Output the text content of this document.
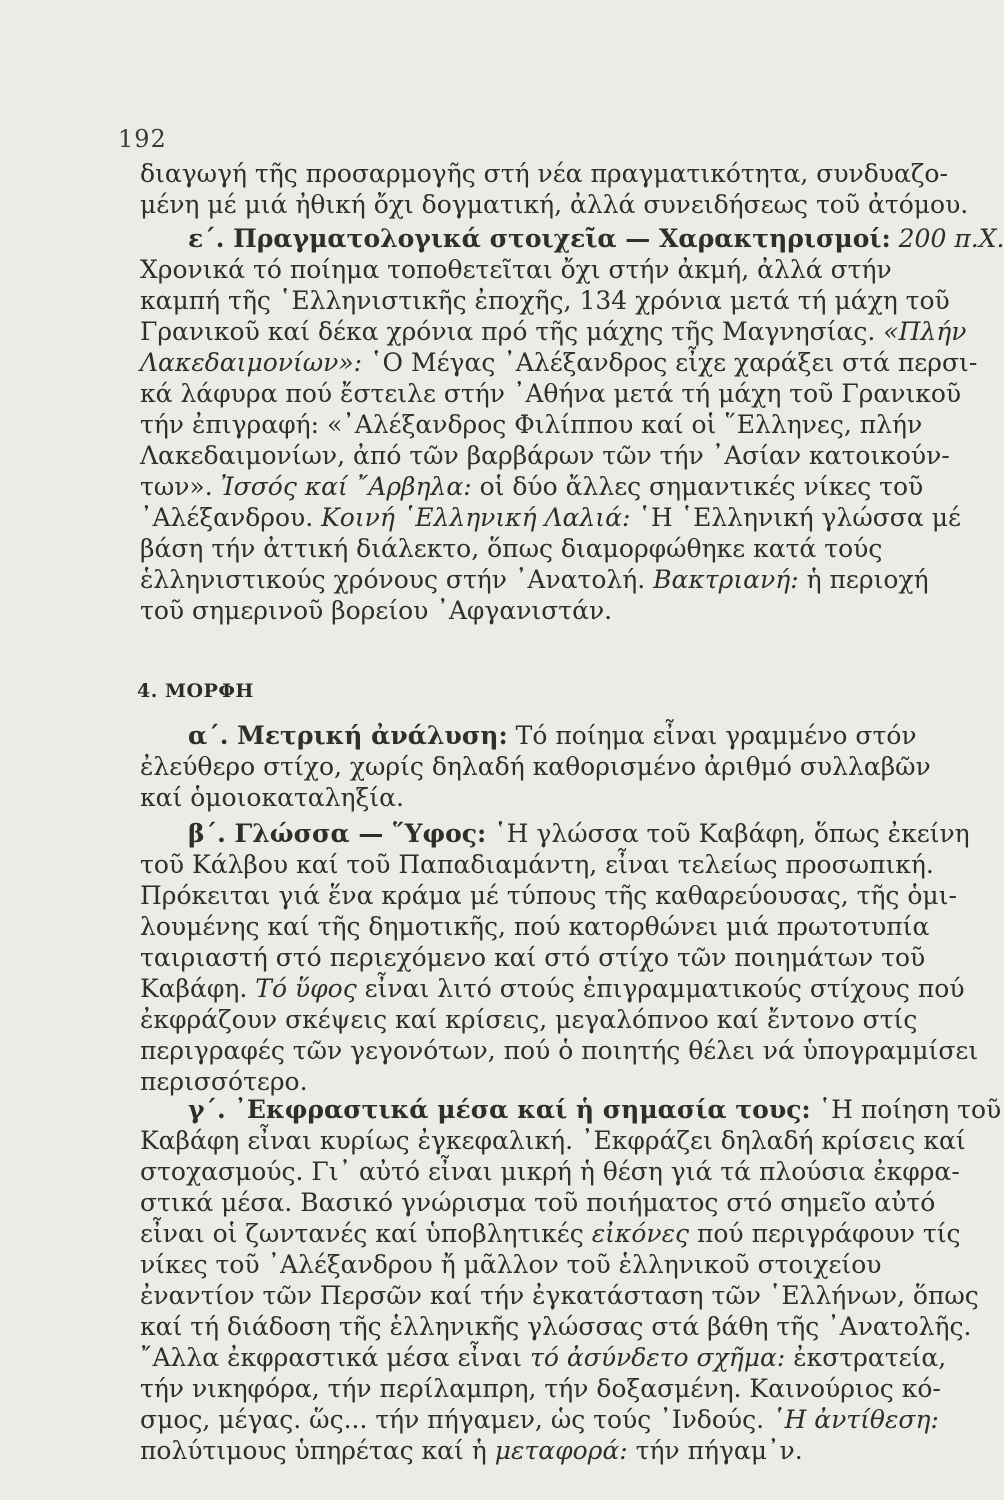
192
διαγωγή τῆς προσαρμογῆς στή νέα πραγματικότητα, συνδυαζο-
μένη μέ μιά ἠθική ὄχι δογματική, ἀλλά συνειδήσεως τοῦ ἀτόμου.
ε΄. Πραγματολογικά στοιχεῖα — Χαρακτηρισμοί: 200 π.Χ.
Χρονικά τό ποίημα τοποθετεῖται ὄχι στήν ἀκμή, ἀλλά στήν
καμπή τῆς ῾Ελληνιστικῆς ἐποχῆς, 134 χρόνια μετά τή μάχη τοῦ
Γρανικοῦ καί δέκα χρόνια πρό τῆς μάχης τῆς Μαγνησίας. «Πλήν
Λακεδαιμονίων»: ῾Ο Μέγας ᾿Αλέξανδρος εἶχε χαράξει στά περσι-
κά λάφυρα πού ἔστειλε στήν ᾿Αθήνα μετά τή μάχη τοῦ Γρανικοῦ
τήν ἐπιγραφή: «᾿Αλέξανδρος Φιλίππου καί οἱ ῞Ελληνες, πλήν
Λακεδαιμονίων, ἀπό τῶν βαρβάρων τῶν τήν ᾿Ασίαν κατοικούν-
των». Ἰσσός καί ῎Αρβηλα: οἱ δύο ἄλλες σημαντικές νίκες τοῦ
᾿Αλέξανδρου. Κοινή ῾Ελληνική Λαλιά: ῾Η ῾Ελληνική γλώσσα μέ
βάση τήν ἀττική διάλεκτο, ὅπως διαμορφώθηκε κατά τούς
ἑλληνιστικούς χρόνους στήν ᾿Ανατολή. Βακτριανή: ἡ περιοχή
τοῦ σημερινοῦ βορείου ᾿Αφγανιστάν.
4. ΜΟΡΦΗ
α΄. Μετρική ἀνάλυση: Τό ποίημα εἶναι γραμμένο στόν
ἐλεύθερο στίχο, χωρίς δηλαδή καθορισμένο ἀριθμό συλλαβῶν
καί ὁμοιοκαταληξία.
β΄. Γλώσσα — ῞Υφος: ῾Η γλώσσα τοῦ Καβάφη, ὅπως ἐκείνη
τοῦ Κάλβου καί τοῦ Παπαδιαμάντη, εἶναι τελείως προσωπική.
Πρόκειται γιά ἕνα κράμα μέ τύπους τῆς καθαρεύουσας, τῆς ὁμι-
λουμένης καί τῆς δημοτικῆς, πού κατορθώνει μιά πρωτοτυπία
ταιριαστή στό περιεχόμενο καί στό στίχο τῶν ποιημάτων τοῦ
Καβάφη. Τό ὕφος εἶναι λιτό στούς ἐπιγραμματικούς στίχους πού
ἐκφράζουν σκέψεις καί κρίσεις, μεγαλόπνοο καί ἔντονο στίς
περιγραφές τῶν γεγονότων, πού ὁ ποιητής θέλει νά ὑπογραμμίσει
περισσότερο.
γ΄. ᾿Εκφραστικά μέσα καί ἡ σημασία τους: ῾Η ποίηση τοῦ
Καβάφη εἶναι κυρίως ἐγκεφαλική. ᾿Εκφράζει δηλαδή κρίσεις καί
στοχασμούς. Γι᾿ αὐτό εἶναι μικρή ἡ θέση γιά τά πλούσια ἐκφρα-
στικά μέσα. Βασικό γνώρισμα τοῦ ποιήματος στό σημεῖο αὐτό
εἶναι οἱ ζωντανές καί ὑποβλητικές εἰκόνες πού περιγράφουν τίς
νίκες τοῦ ᾿Αλέξανδρου ἤ μᾶλλον τοῦ ἑλληνικοῦ στοιχείου
ἐναντίον τῶν Περσῶν καί τήν ἐγκατάσταση τῶν ῾Ελλήνων, ὅπως
καί τή διάδοση τῆς ἑλληνικῆς γλώσσας στά βάθη τῆς ᾿Ανατολῆς.
῎Αλλα ἐκφραστικά μέσα εἶναι τό ἀσύνδετο σχῆμα: ἐκστρατεία,
τήν νικηφόρα, τήν περίλαμπρη, τήν δοξασμένη. Καινούριος κό-
σμος, μέγας. ὥς... τήν πήγαμεν, ὡς τούς ᾿Ινδούς. ῾Η ἀντίθεση:
πολύτιμους ὑπηρέτας καί ἡ μεταφορά: τήν πήγαμ᾿ν.
